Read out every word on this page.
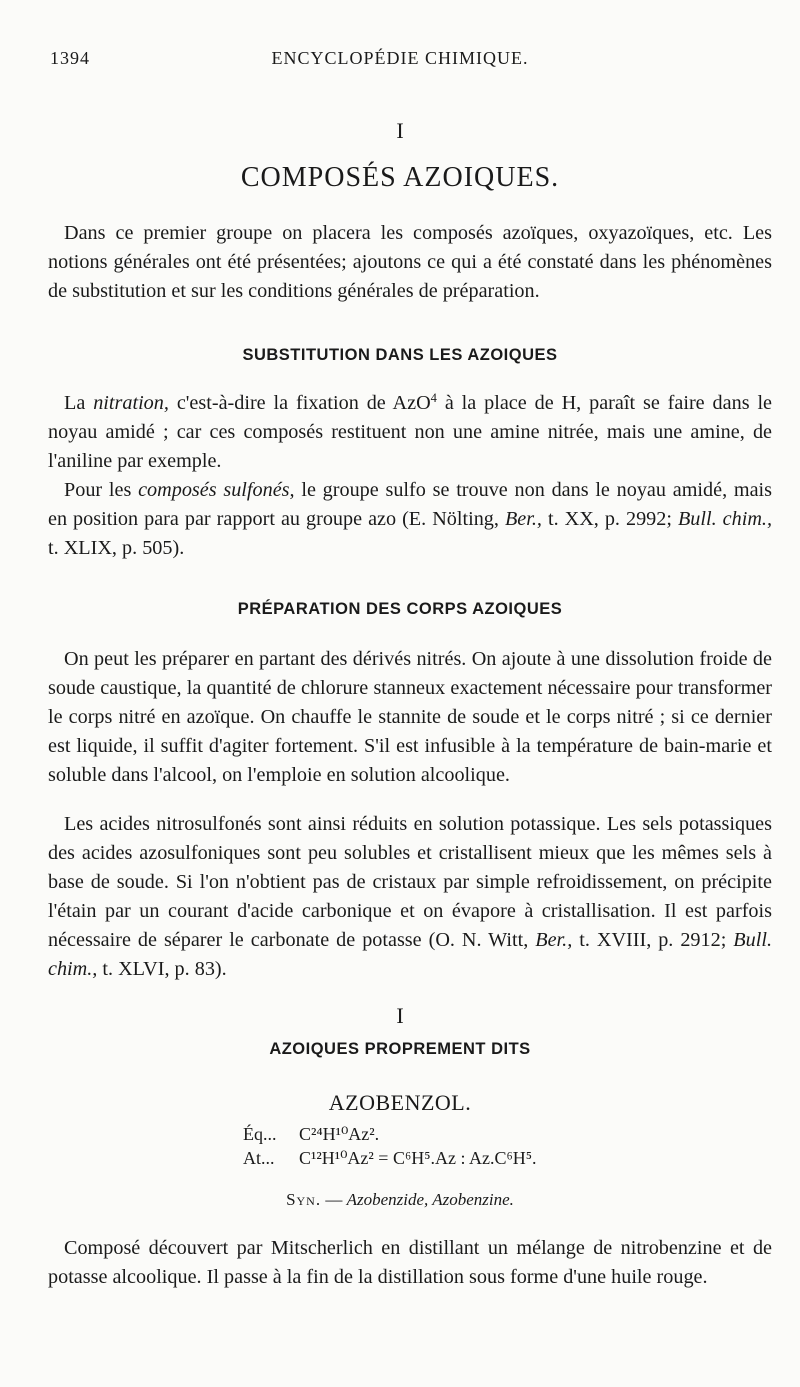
1394	ENCYCLOPÉDIE CHIMIQUE.
I
COMPOSÉS AZOIQUES.

Dans ce premier groupe on placera les composés azoïques, oxyazoïques, etc. Les notions générales ont été présentées; ajoutons ce qui a été constaté dans les phénomènes de substitution et sur les conditions générales de préparation.

SUBSTITUTION DANS LES AZOIQUES

La nitration, c'est-à-dire la fixation de AzO$^4$ à la place de H, paraît se faire dans le noyau amidé ; car ces composés restituent non une amine nitrée, mais une amine, de l'aniline par exemple.

Pour les composés sulfonés, le groupe sulfo se trouve non dans le noyau amidé, mais en position para par rapport au groupe azo (E. Nölting, Ber., t. XX, p. 2992; Bull. chim., t. XLIX, p. 505).

PRÉPARATION DES CORPS AZOIQUES

On peut les préparer en partant des dérivés nitrés. On ajoute à une dissolution froide de soude caustique, la quantité de chlorure stanneux exactement nécessaire pour transformer le corps nitré en azoïque. On chauffe le stannite de soude et le corps nitré ; si ce dernier est liquide, il suffit d'agiter fortement. S'il est infusible à la température de bain-marie et soluble dans l'alcool, on l'emploie en solution alcoolique.

Les acides nitrosulfonés sont ainsi réduits en solution potassique. Les sels potassiques des acides azosulfoniques sont peu solubles et cristallisent mieux que les mêmes sels à base de soude. Si l'on n'obtient pas de cristaux par simple refroidissement, on précipite l'étain par un courant d'acide carbonique et on évapore à cristallisation. Il est parfois nécessaire de séparer le carbonate de potasse (O. N. Witt, Ber., t. XVIII, p. 2912; Bull. chim., t. XLVI, p. 83).

I
AZOIQUES PROPREMENT DITS
AZOBENZOL.
Éq... C²⁴H¹⁰Az².
At... C¹²H¹⁰Az² = C⁶H⁵.Az : Az.C⁶H⁵.
Syn. — Azobenzide, Azobenzine.

Composé découvert par Mitscherlich en distillant un mélange de nitrobenzine et de potasse alcoolique. Il passe à la fin de la distillation sous forme d'une huile rouge.
